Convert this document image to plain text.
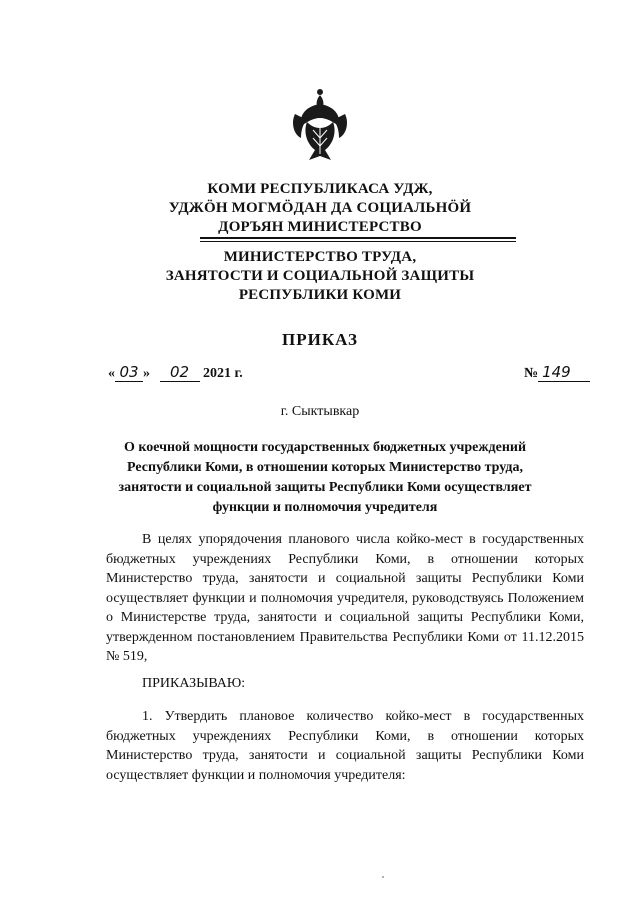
КОМИ РЕСПУБЛИКАСА УДЖ,
УДЖÖН МОГМÖДАН ДА СОЦИАЛЬНÖЙ
ДОРЪЯН МИНИСТЕРСТВО
МИНИСТЕРСТВО ТРУДА,
ЗАНЯТОСТИ И СОЦИАЛЬНОЙ ЗАЩИТЫ
РЕСПУБЛИКИ КОМИ
ПРИКАЗ
« 03 » 02 2021 г.	№ 149
г. Сыктывкар
О коечной мощности государственных бюджетных учреждений
Республики Коми, в отношении которых Министерство труда,
занятости и социальной защиты Республики Коми осуществляет
функции и полномочия учредителя
В целях упорядочения планового числа койко-мест в государственных бюджетных учреждениях Республики Коми, в отношении которых Министерство труда, занятости и социальной защиты Республики Коми осуществляет функции и полномочия учредителя, руководствуясь Положением о Министерстве труда, занятости и социальной защиты Республики Коми, утвержденном постановлением Правительства Республики Коми от 11.12.2015 № 519,
ПРИКАЗЫВАЮ:
1. Утвердить плановое количество койко-мест в государственных бюджетных учреждениях Республики Коми, в отношении которых Министерство труда, занятости и социальной защиты Республики Коми осуществляет функции и полномочия учредителя:
